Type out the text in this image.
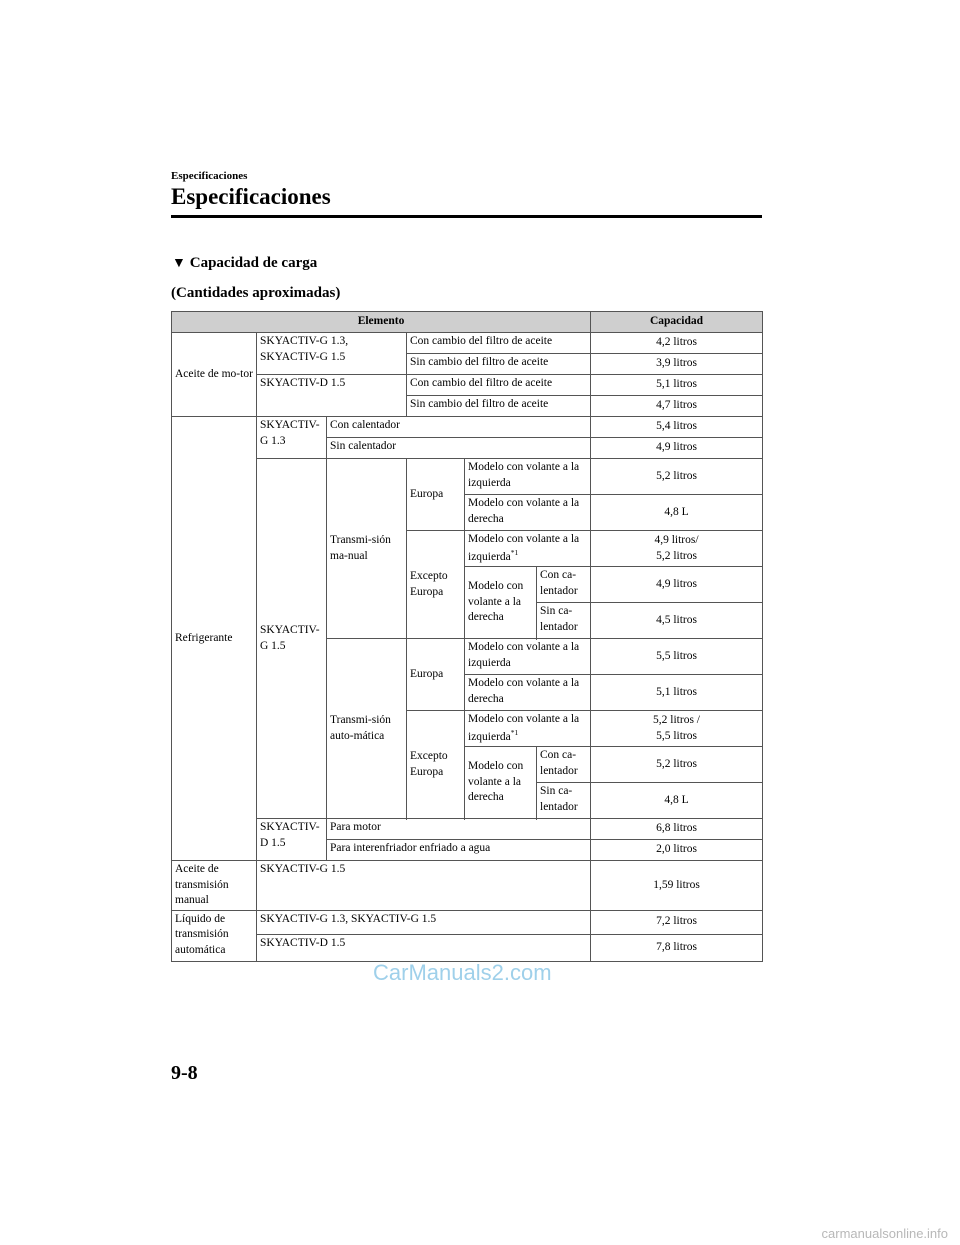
Especificaciones
Especificaciones
▼ Capacidad de carga
(Cantidades aproximadas)
Elemento						Capacidad
Aceite de mo-tor	SKYACTIV-G 1.3, SKYACTIV-G 1.5		Con cambio del filtro de aceite			4,2 litros
			Sin cambio del filtro de aceite			3,9 litros
	SKYACTIV-D 1.5		Con cambio del filtro de aceite			5,1 litros
			Sin cambio del filtro de aceite			4,7 litros
Refrigerante	SKYACTIV-G 1.3	Con calentador				5,4 litros
		Sin calentador				4,9 litros
	SKYACTIV-G 1.5	Transmi-sión ma-nual	Europa	Modelo con volante a la izquierda		5,2 litros
				Modelo con volante a la derecha		4,8 L
			Excepto Europa	Modelo con volante a la izquierda$^{*1}$		4,9 litros/
5,2 litros

				Modelo con volante a la derecha	Con ca-lentador	4,9 litros

					Sin ca-lentador	4,5 litros

		Transmi-sión auto-mática	Europa	Modelo con volante a la izquierda		5,5 litros
				Modelo con volante a la derecha		5,1 litros
			Excepto Europa	Modelo con volante a la izquierda$^{*1}$		5,2 litros /
5,5 litros

				Modelo con volante a la derecha	Con ca-lentador	5,2 litros

					Sin ca-lentador	4,8 L

	SKYACTIV-D 1.5	Para motor				6,8 litros
		Para interenfriador enfriado a agua				2,0 litros
Aceite de transmisión manual	SKYACTIV-G 1.5					1,59 litros
Líquido de transmisión automática	SKYACTIV-G 1.3, SKYACTIV-G 1.5					7,2 litros
	SKYACTIV-D 1.5					7,8 litros
CarManuals2.com
9-8
carmanualsonline.info
